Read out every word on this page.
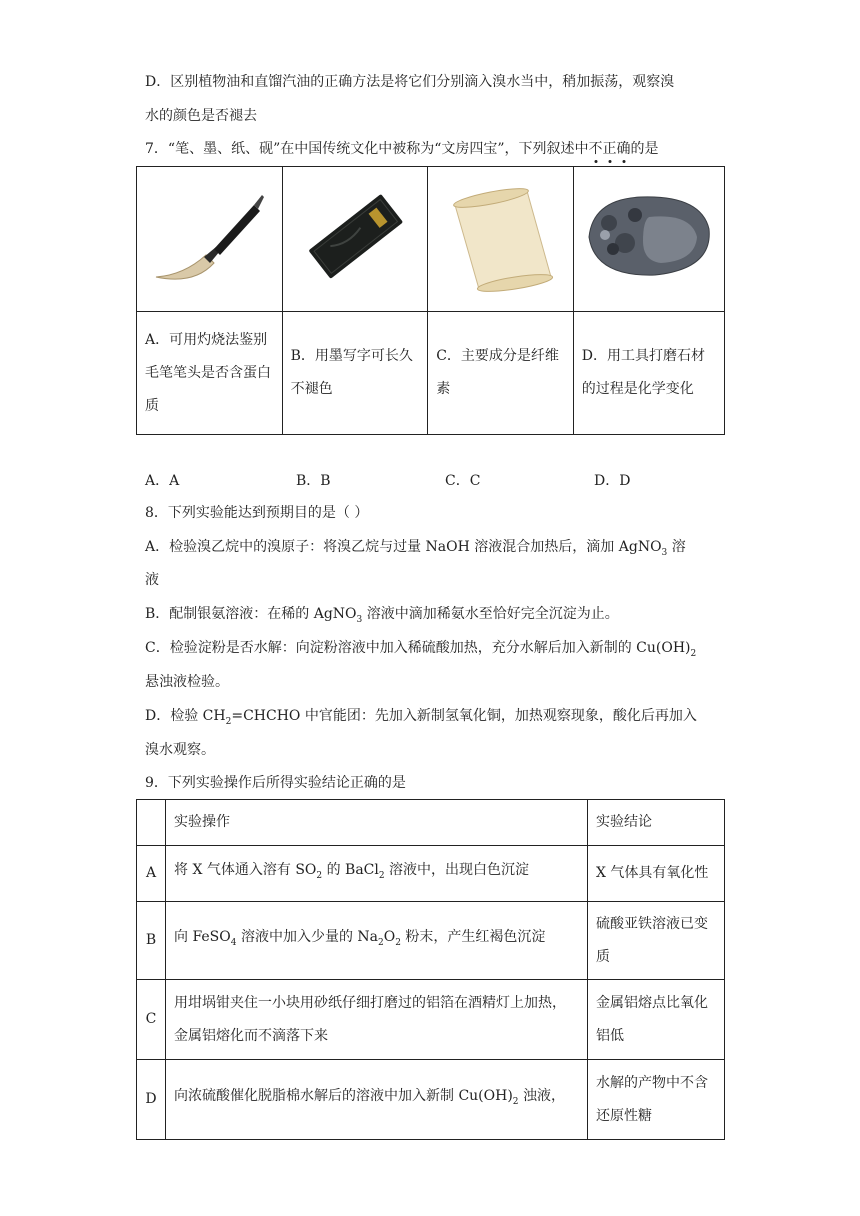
D．区别植物油和直馏汽油的正确方法是将它们分别滴入溴水当中，稍加振荡，观察溴
水的颜色是否褪去
7．“笔、墨、纸、砚”在中国传统文化中被称为“文房四宝”，下列叙述中不
正
确
的是

A．可用灼烧法鉴别毛笔笔头是否含蛋白质	B．用墨写字可长久不褪色	C．主要成分是纤维素	D．用工具打磨石材的过程是化学变化
A．A	B．B	C．C	D．D
8．下列实验能达到预期目的是（ ）
A．检验溴乙烷中的溴原子：将溴乙烷与过量 NaOH 溶液混合加热后，滴加 AgNO$_3$ 溶
液
B．配制银氨溶液：在稀的 AgNO$_3$ 溶液中滴加稀氨水至恰好完全沉淀为止。
C．检验淀粉是否水解：向淀粉溶液中加入稀硫酸加热，充分水解后加入新制的 $Cu(OH)_2$
悬浊液检验。
D．检验 $CH_2=CHCHO$ 中官能团：先加入新制氢氧化铜，加热观察现象，酸化后再加入
溴水观察。
9．下列实验操作后所得实验结论正确的是
	实验操作	实验结论
A	将 X 气体通入溶有 $SO_2$ 的 BaCl$_2$ 溶液中，出现白色沉淀	X 气体具有氧化性
B	向 FeSO$_4$ 溶液中加入少量的 $Na_2O_2$ 粉末，产生红褐色沉淀	硫酸亚铁溶液已变质
C	用坩埚钳夹住一小块用砂纸仔细打磨过的铝箔在酒精灯上加热，金属铝熔化而不滴落下来	金属铝熔点比氧化铝低
D	向浓硫酸催化脱脂棉水解后的溶液中加入新制 $Cu(OH)_2$ 浊液，	水解的产物中不含还原性糖
